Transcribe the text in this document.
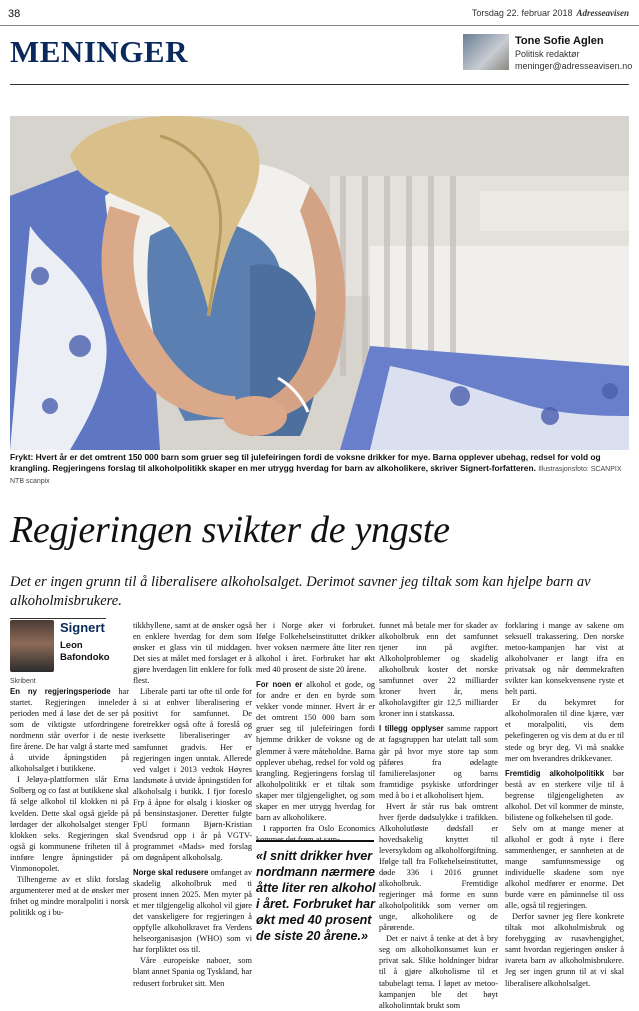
38	Torsdag 22. februar 2018 Adresseavisen
MENINGER	Tone Sofie Aglen
Politisk redaktør
meninger@adresseavisen.no
Frykt: Hvert år er det omtrent 150 000 barn som gruer seg til julefeiringen fordi de voksne drikker for mye. Barna opplever ubehag, redsel for vold og krangling. Regjeringens forslag til alkoholpolitikk skaper en mer utrygg hverdag for barn av alkoholikere, skriver Signert-forfatteren. Illustrasjonsfoto: SCANPIX NTB scanpix
Regjeringen svikter de yngste
Det er ingen grunn til å liberalisere alkoholsalget. Derimot savner jeg tiltak som kan hjelpe barn av alkoholmisbrukere.
Signert
Leon
Bafondoko
Skribent

En ny regjeringsperiode har startet. Regjeringen inneleder perioden med å løse det de ser på som de viktigste utfordringene nordmenn står overfor i de neste fire årene. De har valgt å starte med å utvide åpningstiden på alkoholsalget i butikkene.

I Jeløya-plattformen slår Erna Solberg og co fast at butikkene skal få selge alkohol til klokken ni på kvelden. Dette skal også gjelde på lørdager der alkoholsalget stenger klokken seks. Regjeringen skal også gi kommunene friheten til å innføre lengre åpningstider på Vinmonopolet.

Tilhengerne av et slikt forslag argumenterer med at de ønsker mer frihet og mindre moralpoliti i norsk politikk og i bu-

tikkhyllene, samt at de ønsker også en enklere hverdag for dem som ønsker et glass vin til middagen. Det sies at målet med forslaget er å gjøre hverdagen litt enklere for folk flest.

Liberale parti tar ofte til orde for å si at enhver liberalisering er positivt for samfunnet. De foretrekker også ofte å foreslå og iverksette liberaliseringer av samfunnet gradvis. Her er regjeringen ingen unntak. Allerede ved valget i 2013 vedtok Høyres landsmøte å utvide åpningstiden for alkoholsalg i butikk. I fjor foreslo Frp å åpne for ølsalg i kiosker og på bensinstasjoner. Deretter fulgte FpU formann Bjørn-Kristian Svendsrud opp i år på VGTV-programmet «Mads» med forslag om døgnåpent alkoholsalg.

Norge skal redusere omfanget av skadelig alkoholbruk med ti prosent innen 2025. Men myter på et mer tilgjengelig alkohol vil gjøre det vanskeligere for regjeringen å oppfylle alkoholkravet fra Verdens helseorganisasjon (WHO) som vi har forpliktet oss til.

Våre europeiske naboer, som blant annet Spania og Tyskland, har redusert forbruket sitt. Men

her i Norge øker vi forbruket. Ifølge Folkehelseinstituttet drikker hver voksen nærmere åtte liter ren alkohol i året. Forbruket har økt med 40 prosent de siste 20 årene.

For noen er alkohol et gode, og for andre er den en byrde som vekker vonde minner. Hvert år er det omtrent 150 000 barn som gruer seg til julefeiringen fordi hjemme drikker de voksne og de glemmer å være måteholdne. Barna opplever ubehag, redsel for vold og krangling. Regjeringens forslag til alkoholpolitikk er et tiltak som skaper mer tilgjengelighet, og som skaper en mer utrygg hverdag for barn av alkoholikere.

I rapporten fra Oslo Economics

funnet må betale mer for skader av alkoholbruk enn det samfunnet tjener inn på avgifter. Alkoholproblemer og skadelig alkoholbruk koster det norske samfunnet over 22 milliarder kroner hvert år, mens alkoholavgifter gir 12,5 milliarder kroner inn i statskassa.

I tillegg opplyser samme rapport at fagsgruppen har utelatt tall som går på hvor mye store tap som påføres fra ødelagte familierelasjoner og barns framtidige psykiske utfordringer med å bo i et alkoholisert hjem.

Hvert år står rus bak omtrent hver fjerde dødsulykke i trafikken. Alkoholutløste dødsfall er hovedsakelig knyttet til leversykdom og alkoholforgiftning. Ifølge tall fra Folkehelseinstituttet, døde 336 i 2016 grunnet alkoholbruk. Fremtidige regjeringer må forme en sunn alkoholpolitikk som verner om unge, alkoholikere og de pårørende.

Det er naivt å tenke at det å bry seg om alkoholkonsumet kun er privat sak. Slike holdninger bidrar til å gjøre alkoholisme til et tabubelagt tema. I løpet av metoo-kampanjen ble det høyt alkoholinntak brukt som

forklaring i mange av sakene om seksuell trakassering. Den norske metoo-kampanjen har vist at alkoholvaner er langt ifra en privatsak og når dømmekraften svikter kan konsekvensene ryste et helt parti.

Er du bekymret for alkoholmoralen til dine kjære, vær et moralpoliti, vis dem pekefingeren og vis dem at du er til stede og bryr deg. Vi må snakke mer om hverandres drikkevaner.

Fremtidig alkoholpolitikk bør bestå av en sterkere vilje til å begrense tilgjengeligheten av alkohol. Det vil kommer de minste, bilistene og folkehelsen til gode.

Selv om at mange mener at alkohol er godt å nyte i flere sammenhenger, er sannheten at de mange samfunnsmessige og individuelle skadene som nye alkohol medfører er enorme. Det burde være en påminnelse til oss alle, også til regjeringen.

Derfor savner jeg flere konkrete tiltak mot alkoholmisbruk og forebygging av rusavhengighet, samt hvordan regjeringen ønsker å ivareta barn av alkoholmisbrukere. Jeg ser ingen grunn til at vi skal liberalisere alkoholsalget.

«I snitt drikker hver nordmann nærmere åtte liter ren alkohol i året. Forbruket har økt med 40 prosent de siste 20 årene.»
